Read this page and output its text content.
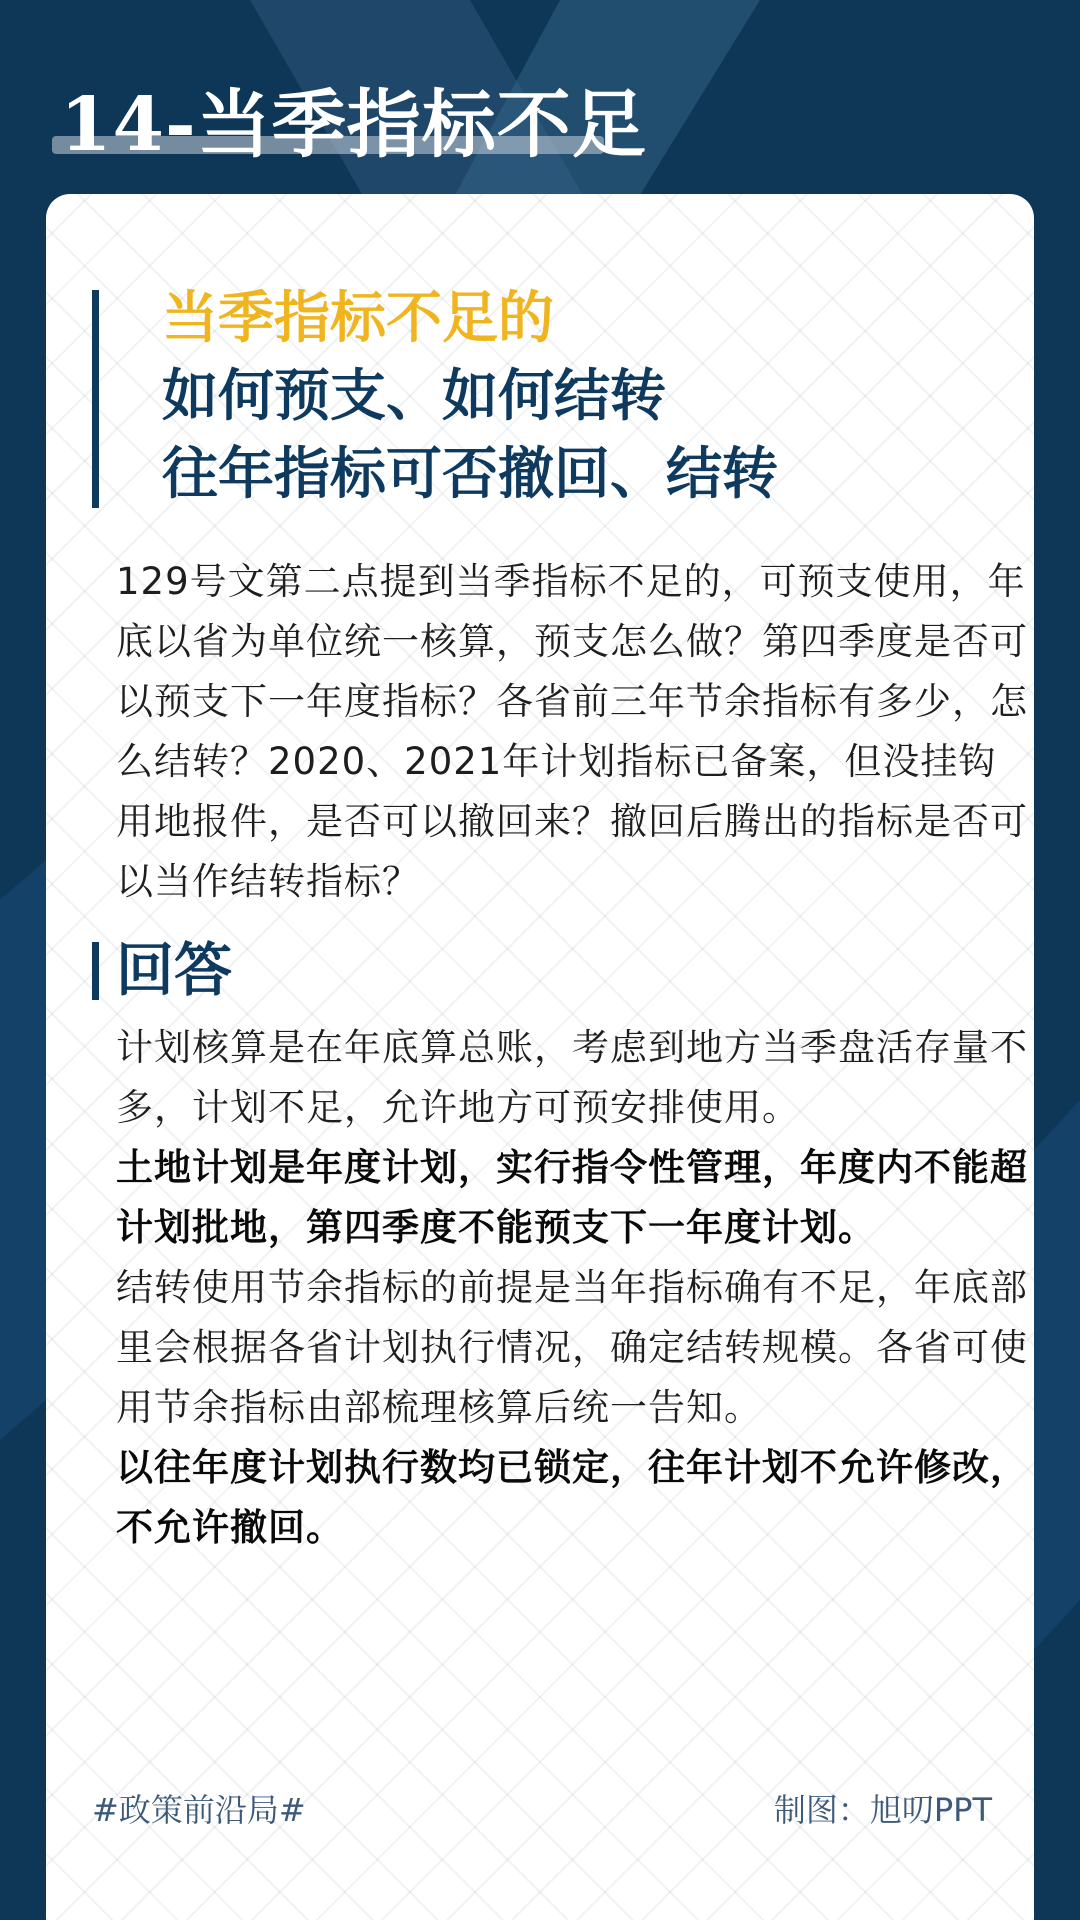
14-当季指标不足
当季指标不足的
如何预支、如何结转
往年指标可否撤回、结转

129号文第二点提到当季指标不足的，可预支使用，年底以省为单位统一核算，预支怎么做？第四季度是否可以预支下一年度指标？各省前三年节余指标有多少，怎么结转？2020、2021年计划指标已备案，但没挂钩用地报件，是否可以撤回来？撤回后腾出的指标是否可以当作结转指标？

回答

计划核算是在年底算总账，考虑到地方当季盘活存量不多，计划不足，允许地方可预安排使用。

土地计划是年度计划，实行指令性管理，年度内不能超计划批地，第四季度不能预支下一年度计划。

结转使用节余指标的前提是当年指标确有不足，年底部里会根据各省计划执行情况，确定结转规模。各省可使用节余指标由部梳理核算后统一告知。

以往年度计划执行数均已锁定，往年计划不允许修改，不允许撤回。

#政策前沿局#	制图：旭叨PPT
